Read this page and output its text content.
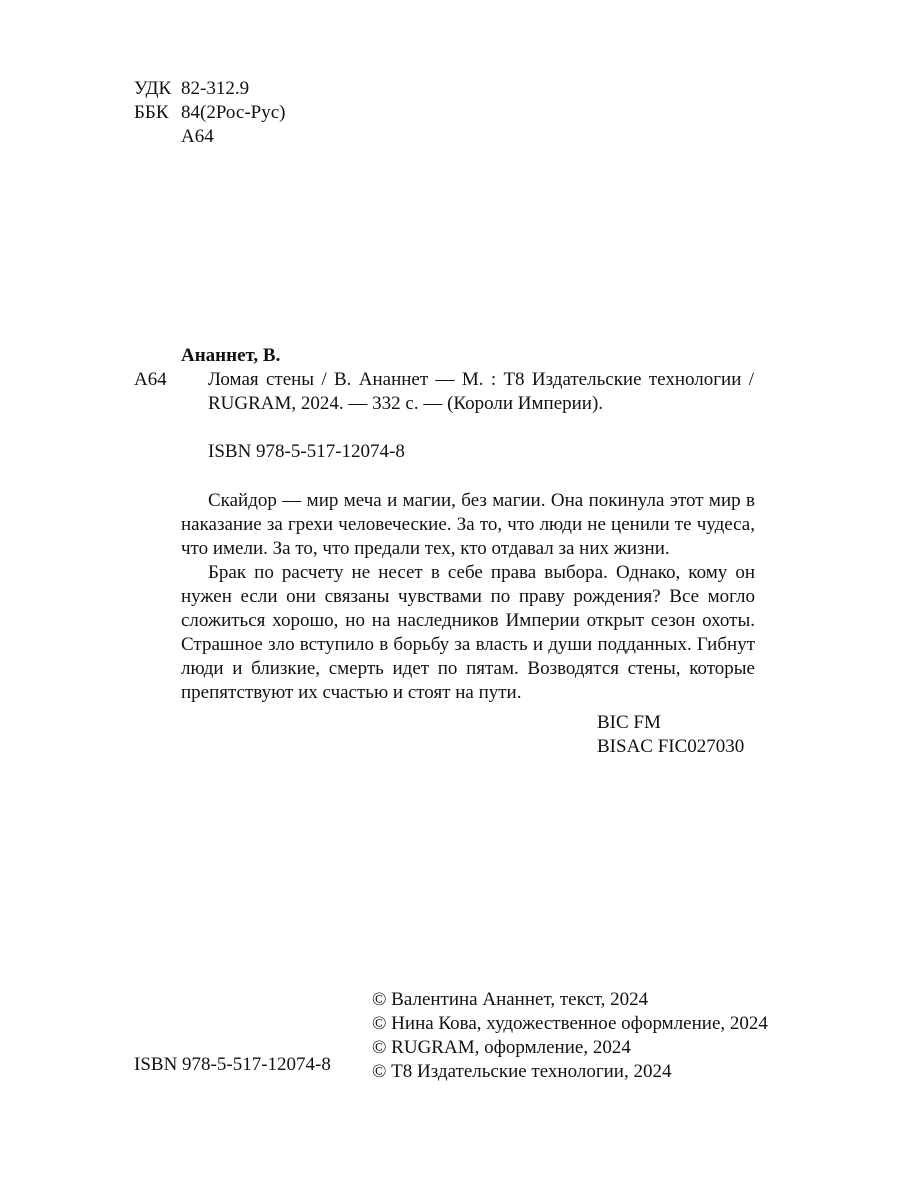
УДК 82-312.9
ББК 84(2Рос-Рус)
А64
Ананнет, В.
А64 Ломая стены / В. Ананнет — М. : Т8 Издательские технологии / RUGRAM, 2024. — 332 с. — (Короли Империи).
ISBN 978-5-517-12074-8

Скайдор — мир меча и магии, без магии. Она покинула этот мир в наказание за грехи человеческие. За то, что люди не ценили те чудеса, что имели. За то, что предали тех, кто отдавал за них жизни.

Брак по расчету не несет в себе права выбора. Однако, кому он нужен если они связаны чувствами по праву рождения? Все могло сложиться хорошо, но на наследников Империи открыт сезон охоты. Страшное зло вступило в борьбу за власть и души подданных. Гибнут люди и близкие, смерть идет по пятам. Возводятся стены, которые препятствуют их счастью и стоят на пути.

BIC FM
BISAC FIC027030
ISBN 978-5-517-12074-8
© Валентина Ананнет, текст, 2024
© Нина Кова, художественное оформление, 2024
© RUGRAM, оформление, 2024
© Т8 Издательские технологии, 2024
